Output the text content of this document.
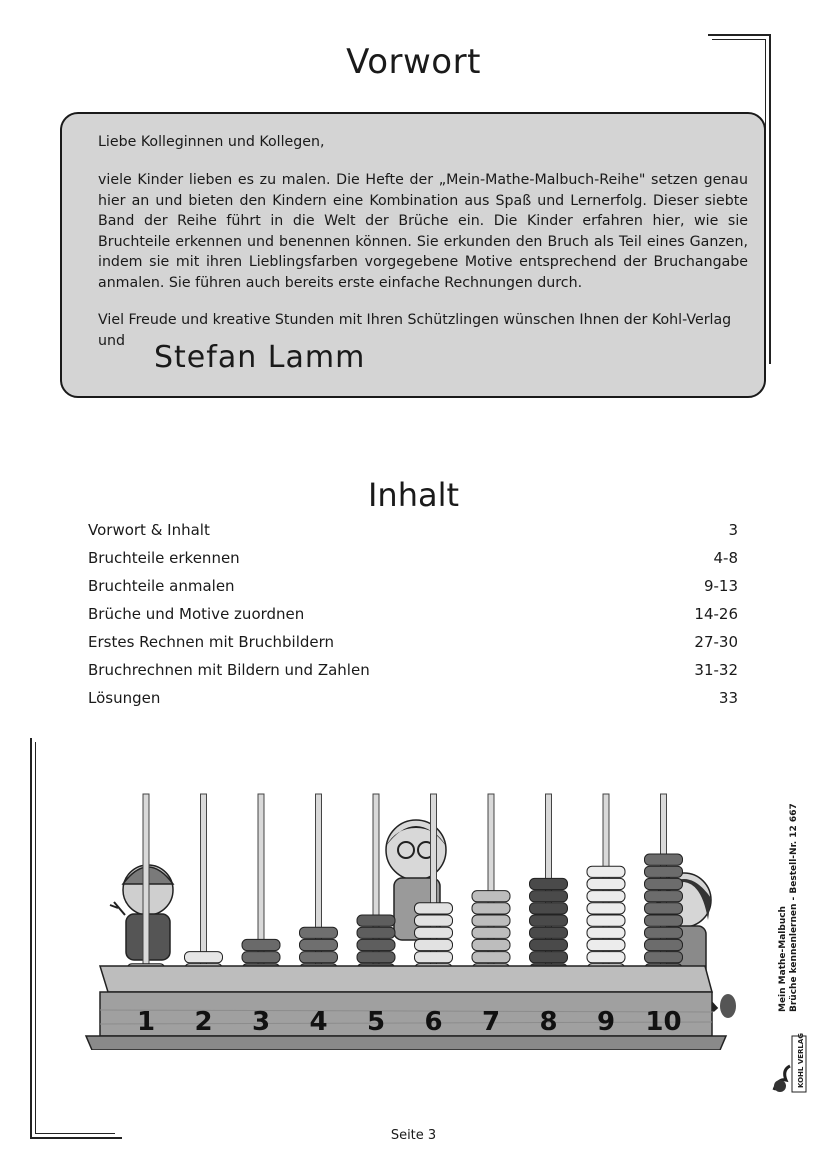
Vorwort

Liebe Kolleginnen und Kollegen,

viele Kinder lieben es zu malen. Die Hefte der „Mein-Mathe-Malbuch-Reihe" setzen genau hier an und bieten den Kindern eine Kombination aus Spaß und Lernerfolg. Dieser siebte Band der Reihe führt in die Welt der Brüche ein. Die Kinder erfahren hier, wie sie Bruchteile erkennen und benennen können. Sie erkunden den Bruch als Teil eines Ganzen, indem sie mit ihren Lieblingsfarben vorgegebene Motive entsprechend der Bruchangabe anmalen. Sie führen auch bereits erste einfache Rechnungen durch.

Viel Freude und kreative Stunden mit Ihren Schützlingen wünschen Ihnen der Kohl-Verlag

und Stefan Lamm

Inhalt
Vorwort & Inhalt	3
Bruchteile erkennen	4-8
Bruchteile anmalen	9-13
Brüche und Motive zuordnen	14-26
Erstes Rechnen mit Bruchbildern	27-30
Bruchrechnen mit Bildern und Zahlen	31-32
Lösungen	33
1 2 3 4 5 6 7 8 9 10
Mein Mathe-Malbuch Brüche kennenlernen - Bestell-Nr. 12 667
KOHL VERLAG
Seite 3
